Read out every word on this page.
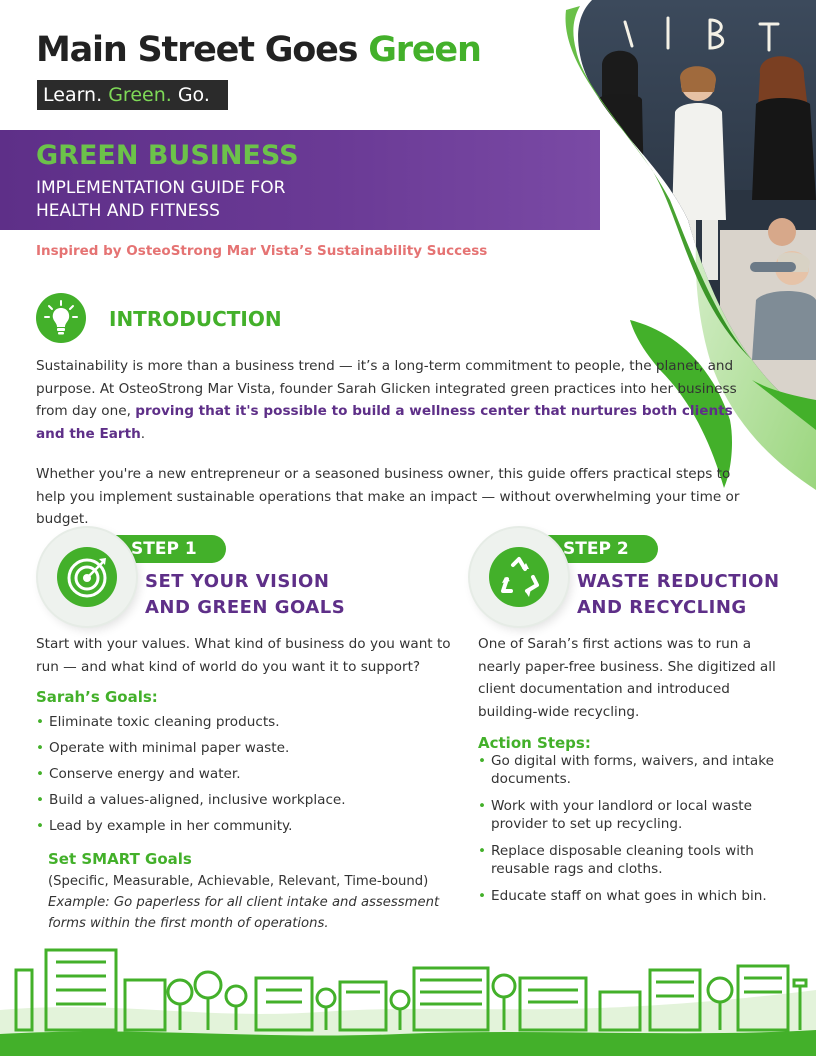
Main Street Goes Green
Learn. Green. Go.
GREEN BUSINESS
IMPLEMENTATION GUIDE FOR
HEALTH AND FITNESS
Inspired by OsteoStrong Mar Vista’s Sustainability Success
INTRODUCTION
Sustainability is more than a business trend — it’s a long-term commitment to people, the planet, and purpose. At OsteoStrong Mar Vista, founder Sarah Glicken integrated green practices into her business from day one, proving that it's possible to build a wellness center that nurtures both clients and the Earth.
Whether you're a new entrepreneur or a seasoned business owner, this guide offers practical steps to help you implement sustainable operations that make an impact — without overwhelming your time or budget.
STEP 1
SET YOUR VISION
AND GREEN GOALS
Start with your values. What kind of business do you want to run — and what kind of world do you want it to support?
Sarah’s Goals:
• Eliminate toxic cleaning products.
• Operate with minimal paper waste.
• Conserve energy and water.
• Build a values-aligned, inclusive workplace.
• Lead by example in her community.
Set SMART Goals
(Specific, Measurable, Achievable, Relevant, Time-bound)
Example: Go paperless for all client intake and assessment forms within the first month of operations.
STEP 2
WASTE REDUCTION
AND RECYCLING
One of Sarah’s first actions was to run a nearly paper-free business. She digitized all client documentation and introduced building-wide recycling.
Action Steps:
• Go digital with forms, waivers, and intake documents.
• Work with your landlord or local waste provider to set up recycling.
• Replace disposable cleaning tools with reusable rags and cloths.
• Educate staff on what goes in which bin.
